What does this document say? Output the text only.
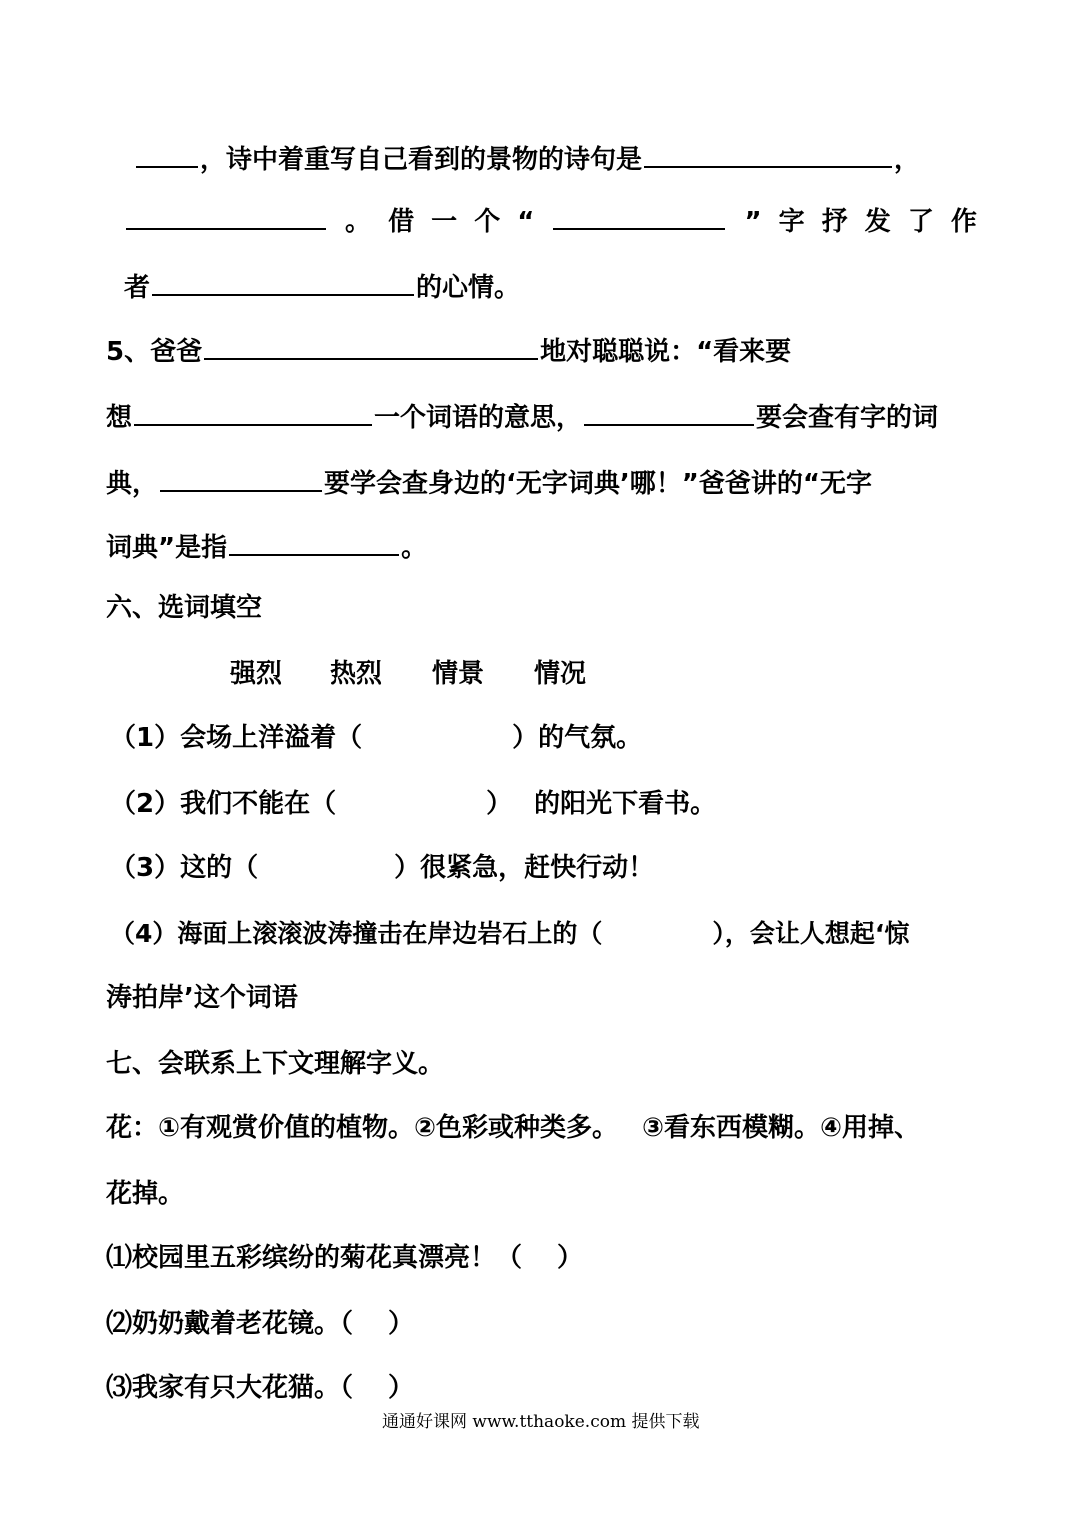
，诗中着重写自己看到的景物的诗句是	，
。 借 一 个 “	” 字 抒 发 了 作
者	的心情。
5、爸爸	地对聪聪说：“看来要
想	一个词语的意思，	要会查有字的词
典，	要学会查身边的‘无字词典’哪！”爸爸讲的“无字
词典”是指	。
六、选词填空
强烈 热烈 情景 情况
（1）会场上洋溢着（	）的气氛。
（2）我们不能在（	） 的阳光下看书。
（3）这的（	）很紧急，赶快行动！
（4）海面上滚滚波涛撞击在岸边岩石上的（	），会让人想起‘惊
涛拍岸’这个词语
七、会联系上下文理解字义。
花：①有观赏价值的植物。②色彩或种类多。 ③看东西模糊。④用掉、
花掉。
⑴校园里五彩缤纷的菊花真漂亮！（　 ）
⑵奶奶戴着老花镜。（　 ）
⑶我家有只大花猫。（　 ）
通通好课网 www.tthaoke.com 提供下载
